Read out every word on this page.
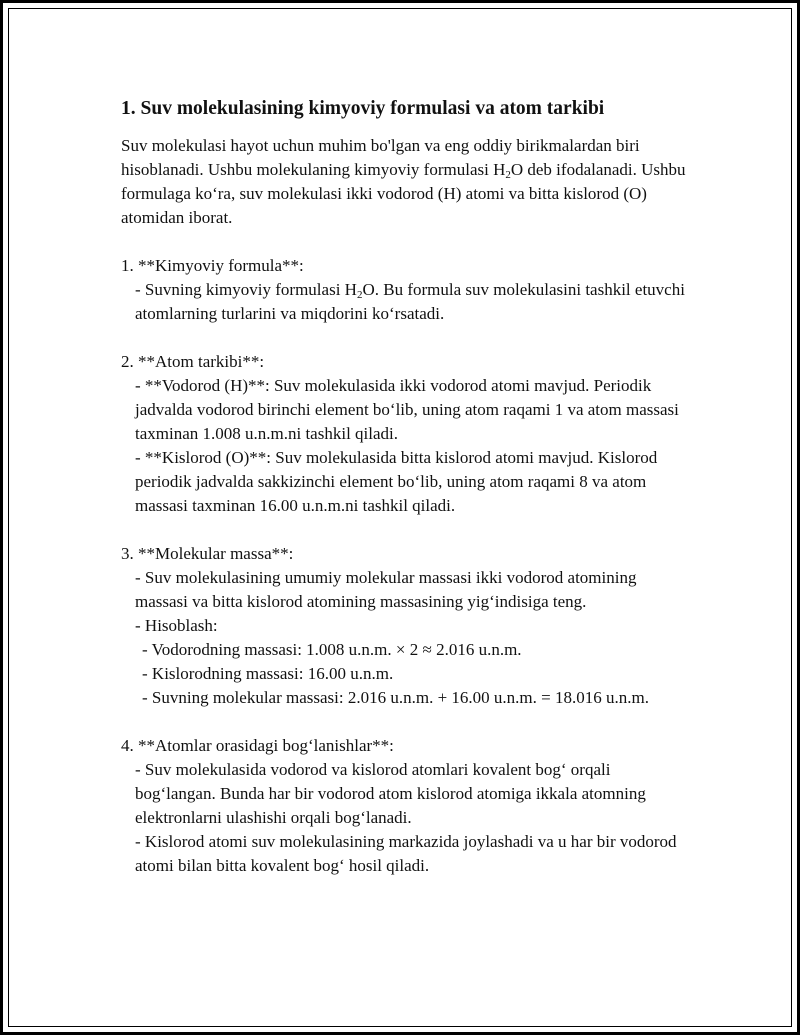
1. Suv molekulasining kimyoviy formulasi va atom tarkibi

Suv molekulasi hayot uchun muhim bo'lgan va eng oddiy birikmalardan biri hisoblanadi. Ushbu molekulaning kimyoviy formulasi $H_2O$ deb ifodalanadi. Ushbu formulaga koʻra, suv molekulasi ikki vodorod (H) atomi va bitta kislorod (O) atomidan iborat.

1. **Kimyoviy formula**:

- Suvning kimyoviy formulasi $H_2O$. Bu formula suv molekulasini tashkil etuvchi atomlarning turlarini va miqdorini koʻrsatadi.

2. **Atom tarkibi**:

- **Vodorod (H)**: Suv molekulasida ikki vodorod atomi mavjud. Periodik jadvalda vodorod birinchi element boʻlib, uning atom raqami 1 va atom massasi taxminan 1.008 u.n.m.ni tashkil qiladi.

- **Kislorod (O)**: Suv molekulasida bitta kislorod atomi mavjud. Kislorod periodik jadvalda sakkizinchi element boʻlib, uning atom raqami 8 va atom massasi taxminan 16.00 u.n.m.ni tashkil qiladi.

3. **Molekular massa**:

- Suv molekulasining umumiy molekular massasi ikki vodorod atomining massasi va bitta kislorod atomining massasining yigʻindisiga teng.

- Hisoblash:

- Vodorodning massasi: 1.008 u.n.m. × 2 ≈ 2.016 u.n.m.

- Kislorodning massasi: 16.00 u.n.m.

- Suvning molekular massasi: 2.016 u.n.m. + 16.00 u.n.m. = 18.016 u.n.m.

4. **Atomlar orasidagi bogʻlanishlar**:

- Suv molekulasida vodorod va kislorod atomlari kovalent bogʻ orqali bogʻlangan. Bunda har bir vodorod atom kislorod atomiga ikkala atomning elektronlarni ulashishi orqali bogʻlanadi.

- Kislorod atomi suv molekulasining markazida joylashadi va u har bir vodorod atomi bilan bitta kovalent bogʻ hosil qiladi.
